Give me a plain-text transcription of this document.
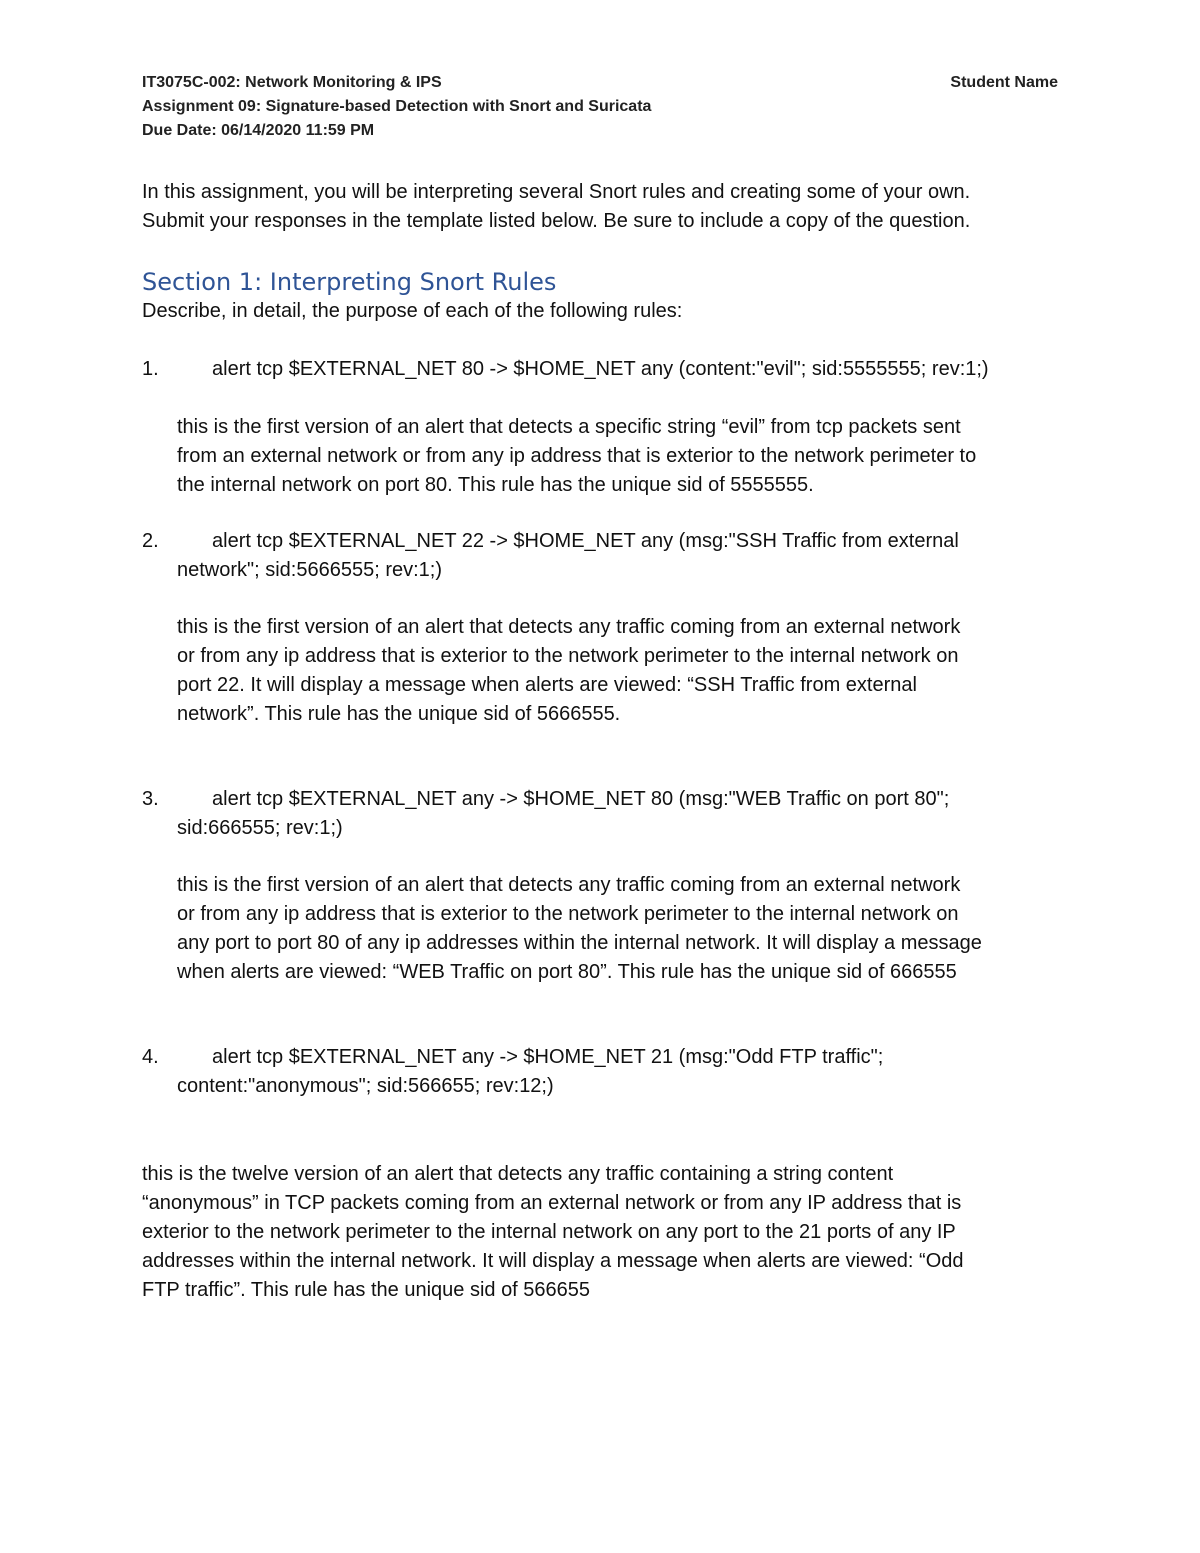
IT3075C-002: Network Monitoring & IPS	Student Name
Assignment 09: Signature-based Detection with Snort and Suricata
Due Date: 06/14/2020 11:59 PM
In this assignment, you will be interpreting several Snort rules and creating some of your own.
Submit your responses in the template listed below. Be sure to include a copy of the question.
Section 1: Interpreting Snort Rules
Describe, in detail, the purpose of each of the following rules:
1.	alert tcp $EXTERNAL_NET 80 -> $HOME_NET any (content:"evil"; sid:5555555; rev:1;)
this is the first version of an alert that detects a specific string “evil” from tcp packets sent
from an external network or from any ip address that is exterior to the network perimeter to
the internal network on port 80. This rule has the unique sid of 5555555.
2.	alert tcp $EXTERNAL_NET 22 -> $HOME_NET any (msg:"SSH Traffic from external
network"; sid:5666555; rev:1;)
this is the first version of an alert that detects any traffic coming from an external network
or from any ip address that is exterior to the network perimeter to the internal network on
port 22. It will display a message when alerts are viewed: “SSH Traffic from external
network”. This rule has the unique sid of 5666555.
3.	alert tcp $EXTERNAL_NET any -> $HOME_NET 80 (msg:"WEB Traffic on port 80";
sid:666555; rev:1;)
this is the first version of an alert that detects any traffic coming from an external network
or from any ip address that is exterior to the network perimeter to the internal network on
any port to port 80 of any ip addresses within the internal network. It will display a message
when alerts are viewed: “WEB Traffic on port 80”. This rule has the unique sid of 666555
4.	alert tcp $EXTERNAL_NET any -> $HOME_NET 21 (msg:"Odd FTP traffic";
content:"anonymous"; sid:566655; rev:12;)
this is the twelve version of an alert that detects any traffic containing a string content
“anonymous” in TCP packets coming from an external network or from any IP address that is
exterior to the network perimeter to the internal network on any port to the 21 ports of any IP
addresses within the internal network. It will display a message when alerts are viewed: “Odd
FTP traffic”. This rule has the unique sid of 566655
